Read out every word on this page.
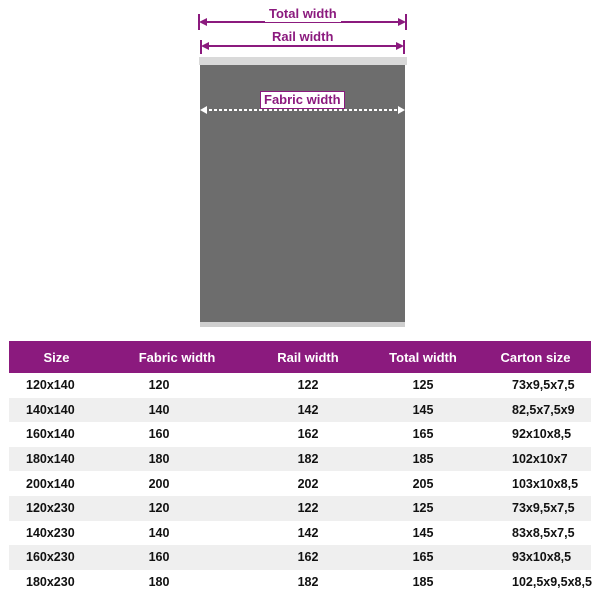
Total width
Rail width
Fabric width
Size	Fabric width	Rail width	Total width	Carton size
120x140	120	122	125	73x9,5x7,5
140x140	140	142	145	82,5x7,5x9
160x140	160	162	165	92x10x8,5
180x140	180	182	185	102x10x7
200x140	200	202	205	103x10x8,5
120x230	120	122	125	73x9,5x7,5
140x230	140	142	145	83x8,5x7,5
160x230	160	162	165	93x10x8,5
180x230	180	182	185	102,5x9,5x8,5
